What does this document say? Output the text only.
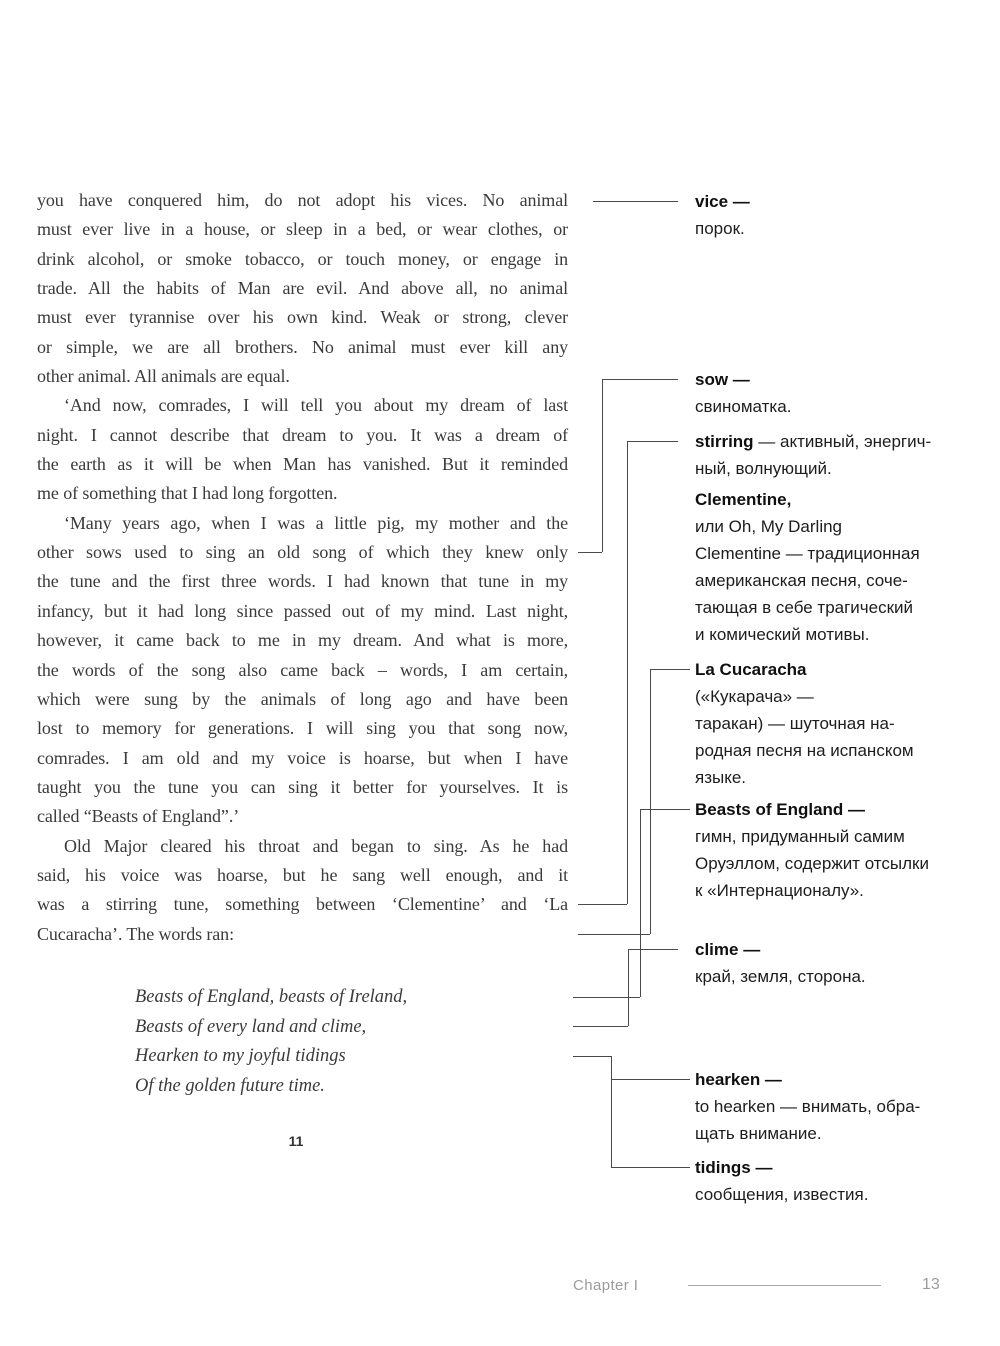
you have conquered him, do not adopt his vices. No animal
must ever live in a house, or sleep in a bed, or wear clothes, or
drink alcohol, or smoke tobacco, or touch money, or engage in
trade. All the habits of Man are evil. And above all, no animal
must ever tyrannise over his own kind. Weak or strong, clever
or simple, we are all brothers. No animal must ever kill any
other animal. All animals are equal.
‘And now, comrades, I will tell you about my dream of last
night. I cannot describe that dream to you. It was a dream of
the earth as it will be when Man has vanished. But it reminded
me of something that I had long forgotten.
‘Many years ago, when I was a little pig, my mother and the
other sows used to sing an old song of which they knew only
the tune and the first three words. I had known that tune in my
infancy, but it had long since passed out of my mind. Last night,
however, it came back to me in my dream. And what is more,
the words of the song also came back – words, I am certain,
which were sung by the animals of long ago and have been
lost to memory for generations. I will sing you that song now,
comrades. I am old and my voice is hoarse, but when I have
taught you the tune you can sing it better for yourselves. It is
called “Beasts of England”.’
Old Major cleared his throat and began to sing. As he had
said, his voice was hoarse, but he sang well enough, and it
was a stirring tune, something between ‘Clementine’ and ‘La
Cucaracha’. The words ran:
Beasts of England, beasts of Ireland,
Beasts of every land and clime,
Hearken to my joyful tidings
Of the golden future time.
11
vice —
порок.
sow —
свиноматка.
stirring — активный, энергич-
ный, волнующий.
Clementine,
или Oh, My Darling
Clementine — традиционная
американская песня, соче-
тающая в себе трагический
и комический мотивы.
La Cucaracha
(«Кукарача» —
таракан) — шуточная на-
родная песня на испанском
языке.
Beasts of England —
гимн, придуманный самим
Оруэллом, содержит отсылки
к «Интернационалу».
clime —
край, земля, сторона.
hearken —
to hearken — внимать, обра-
щать внимание.
tidings —
сообщения, известия.
Chapter I	13
